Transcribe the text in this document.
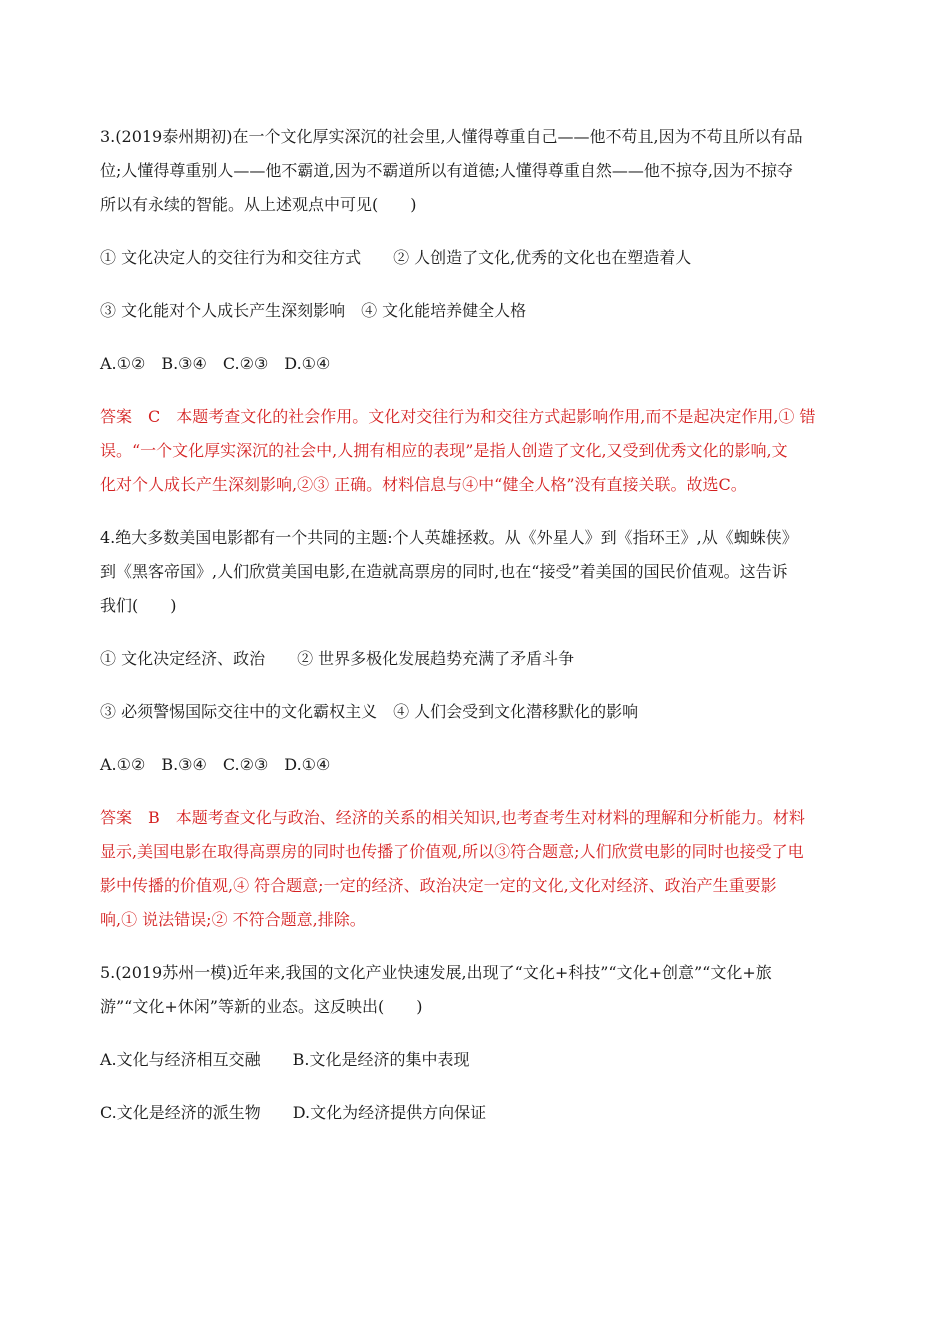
3.(2019泰州期初)在一个文化厚实深沉的社会里,人懂得尊重自己——他不苟且,因为不苟且所以有品

位;人懂得尊重别人——他不霸道,因为不霸道所以有道德;人懂得尊重自然——他不掠夺,因为不掠夺

所以有永续的智能。从上述观点中可见(　　)

① 文化决定人的交往行为和交往方式　　② 人创造了文化,优秀的文化也在塑造着人

③ 文化能对个人成长产生深刻影响　④ 文化能培养健全人格

A.①②　B.③④　C.②③　D.①④

答案　C　本题考查文化的社会作用。文化对交往行为和交往方式起影响作用,而不是起决定作用,① 错

误。“一个文化厚实深沉的社会中,人拥有相应的表现”是指人创造了文化,又受到优秀文化的影响,文

化对个人成长产生深刻影响,②③ 正确。材料信息与④中“健全人格”没有直接关联。故选C。

4.绝大多数美国电影都有一个共同的主题:个人英雄拯救。从《外星人》到《指环王》,从《蜘蛛侠》

到《黑客帝国》,人们欣赏美国电影,在造就高票房的同时,也在“接受”着美国的国民价值观。这告诉

我们(　　)

① 文化决定经济、政治　　② 世界多极化发展趋势充满了矛盾斗争

③ 必须警惕国际交往中的文化霸权主义　④ 人们会受到文化潜移默化的影响

A.①②　B.③④　C.②③　D.①④

答案　B　本题考查文化与政治、经济的关系的相关知识,也考查考生对材料的理解和分析能力。材料

显示,美国电影在取得高票房的同时也传播了价值观,所以③符合题意;人们欣赏电影的同时也接受了电

影中传播的价值观,④ 符合题意;一定的经济、政治决定一定的文化,文化对经济、政治产生重要影

响,① 说法错误;② 不符合题意,排除。

5.(2019苏州一模)近年来,我国的文化产业快速发展,出现了“文化+科技”“文化+创意”“文化+旅

游”“文化+休闲”等新的业态。这反映出(　　)

A.文化与经济相互交融　　B.文化是经济的集中表现

C.文化是经济的派生物　　D.文化为经济提供方向保证
